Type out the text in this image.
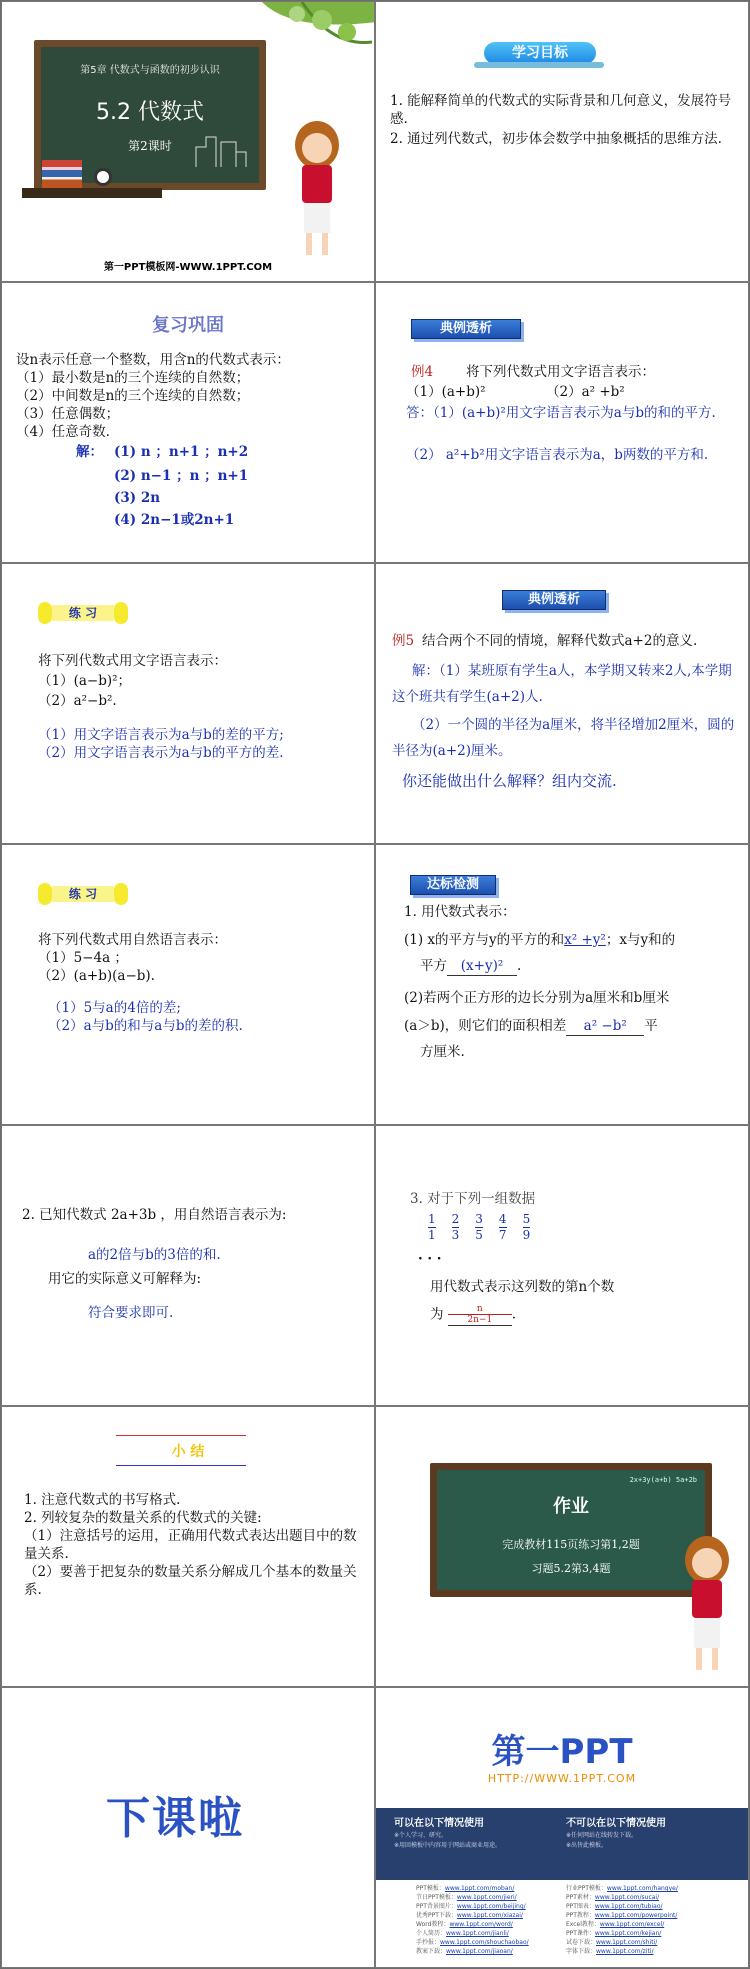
第5章 代数式与函数的初步认识
5.2 代数式
第2课时
第一PPT模板网-WWW.1PPT.COM
学习目标
1. 能解释简单的代数式的实际背景和几何意义，发展符号感.
2. 通过列代数式，初步体会数学中抽象概括的思维方法.
复习巩固
设n表示任意一个整数，用含n的代数式表示：
（1）最小数是n的三个连续的自然数；
（2）中间数是n的三个连续的自然数；
（3）任意偶数；
（4）任意奇数.
解： (1) n ；n+1 ；n+2
(2) n−1 ；n ；n+1
(3) 2n
(4) 2n−1或2n+1
典例透析
例4 将下列代数式用文字语言表示：
（1）(a+b)²	（2）a² +b²
答：（1）(a+b)²用文字语言表示为a与b的和的平方.
（2） a²+b²用文字语言表示为a，b两数的平方和.
练 习
将下列代数式用文字语言表示：
（1）(a−b)²；
（2）a²−b².
（1）用文字语言表示为a与b的差的平方;
（2）用文字语言表示为a与b的平方的差.
典例透析
例5 结合两个不同的情境，解释代数式a+2的意义.
解：（1）某班原有学生a人，本学期又转来2人,本学期这个班共有学生(a+2)人.
（2）一个圆的半径为a厘米，将半径增加2厘米，圆的半径为(a+2)厘米。
你还能做出什么解释？组内交流.
练 习
将下列代数式用自然语言表示：
（1）5−4a ；
（2）(a+b)(a−b).
（1）5与a的4倍的差;
（2）a与b的和与a与b的差的积.
达标检测
1. 用代数式表示：
(1) x的平方与y的平方的和x² +y²；x与y和的
平方 (x+y)² .
(2)若两个正方形的边长分别为a厘米和b厘米
(a＞b)，则它们的面积相差 a² −b² 平
方厘米.
2. 已知代数式 2a+3b ，用自然语言表示为:
a的2倍与b的3倍的和.
用它的实际意义可解释为:
符合要求即可.
3. 对于下列一组数据
$\frac{1}{1} \frac{2}{3} \frac{3}{5} \frac{4}{7} \frac{5}{9}$
· · ·
用代数式表示这列数的第n个数
为 $\frac{n}{2n-1}$ .
小 结
1. 注意代数式的书写格式.
2. 列较复杂的数量关系的代数式的关键:
（1）注意括号的运用，正确用代数式表达出题目中的数量关系.
（2）要善于把复杂的数量关系分解成几个基本的数量关系.
2x+3y(a+b) 5a+2b
作业
完成教材115页练习第1,2题
习题5.2第3,4题
下课啦
第一PPT
HTTP://WWW.1PPT.COM
可以在以下情况使用
※个人学习、研究。
※用回模板中内容用于网站或商业用途。
不可以在以下情况使用
※任何网站在线转发下载。
※出售此模板。
PPT模板：www.1ppt.com/moban/
节日PPT模板：www.1ppt.com/jieri/
PPT背景图片：www.1ppt.com/beijing/
优秀PPT下载：www.1ppt.com/xiazai/
Word教程：www.1ppt.com/word/
个人简历：www.1ppt.com/jianli/
手抄报：www.1ppt.com/shouchaobao/
教案下载：www.1ppt.com/jiaoan/
行业PPT模板：www.1ppt.com/hangye/
PPT素材：www.1ppt.com/sucai/
PPT图表：www.1ppt.com/tubiao/
PPT教程：www.1ppt.com/powerpoint/
Excel教程：www.1ppt.com/excel/
PPT课件：www.1ppt.com/kejian/
试卷下载：www.1ppt.com/shiti/
字体下载：www.1ppt.com/ziti/
